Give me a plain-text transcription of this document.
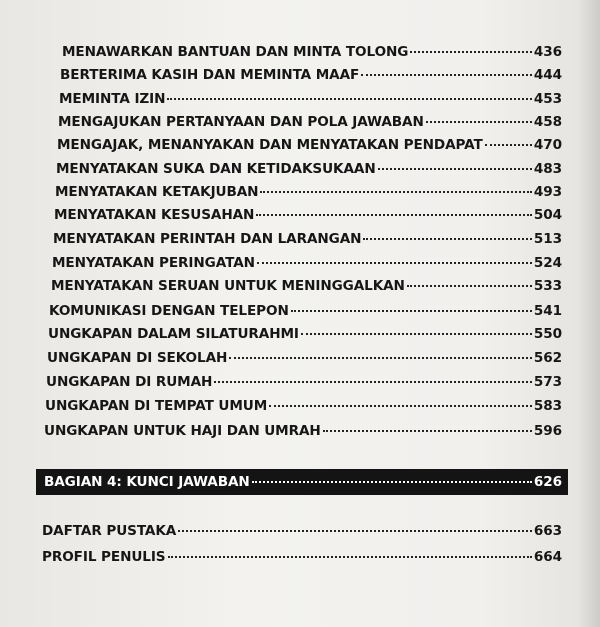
MENAWARKAN BANTUAN DAN MINTA TOLONG	436
BERTERIMA KASIH DAN MEMINTA MAAF	444
MEMINTA IZIN	453
MENGAJUKAN PERTANYAAN DAN POLA JAWABAN	458
MENGAJAK, MENANYAKAN DAN MENYATAKAN PENDAPAT	470
MENYATAKAN SUKA DAN KETIDAKSUKAAN	483
MENYATAKAN KETAKJUBAN	493
MENYATAKAN KESUSAHAN	504
MENYATAKAN PERINTAH DAN LARANGAN	513
MENYATAKAN PERINGATAN	524
MENYATAKAN SERUAN UNTUK MENINGGALKAN	533
KOMUNIKASI DENGAN TELEPON	541
UNGKAPAN DALAM SILATURAHMI	550
UNGKAPAN DI SEKOLAH	562
UNGKAPAN DI RUMAH	573
UNGKAPAN DI TEMPAT UMUM	583
UNGKAPAN UNTUK HAJI DAN UMRAH	596
BAGIAN 4: KUNCI JAWABAN	626
DAFTAR PUSTAKA	663
PROFIL PENULIS	664
